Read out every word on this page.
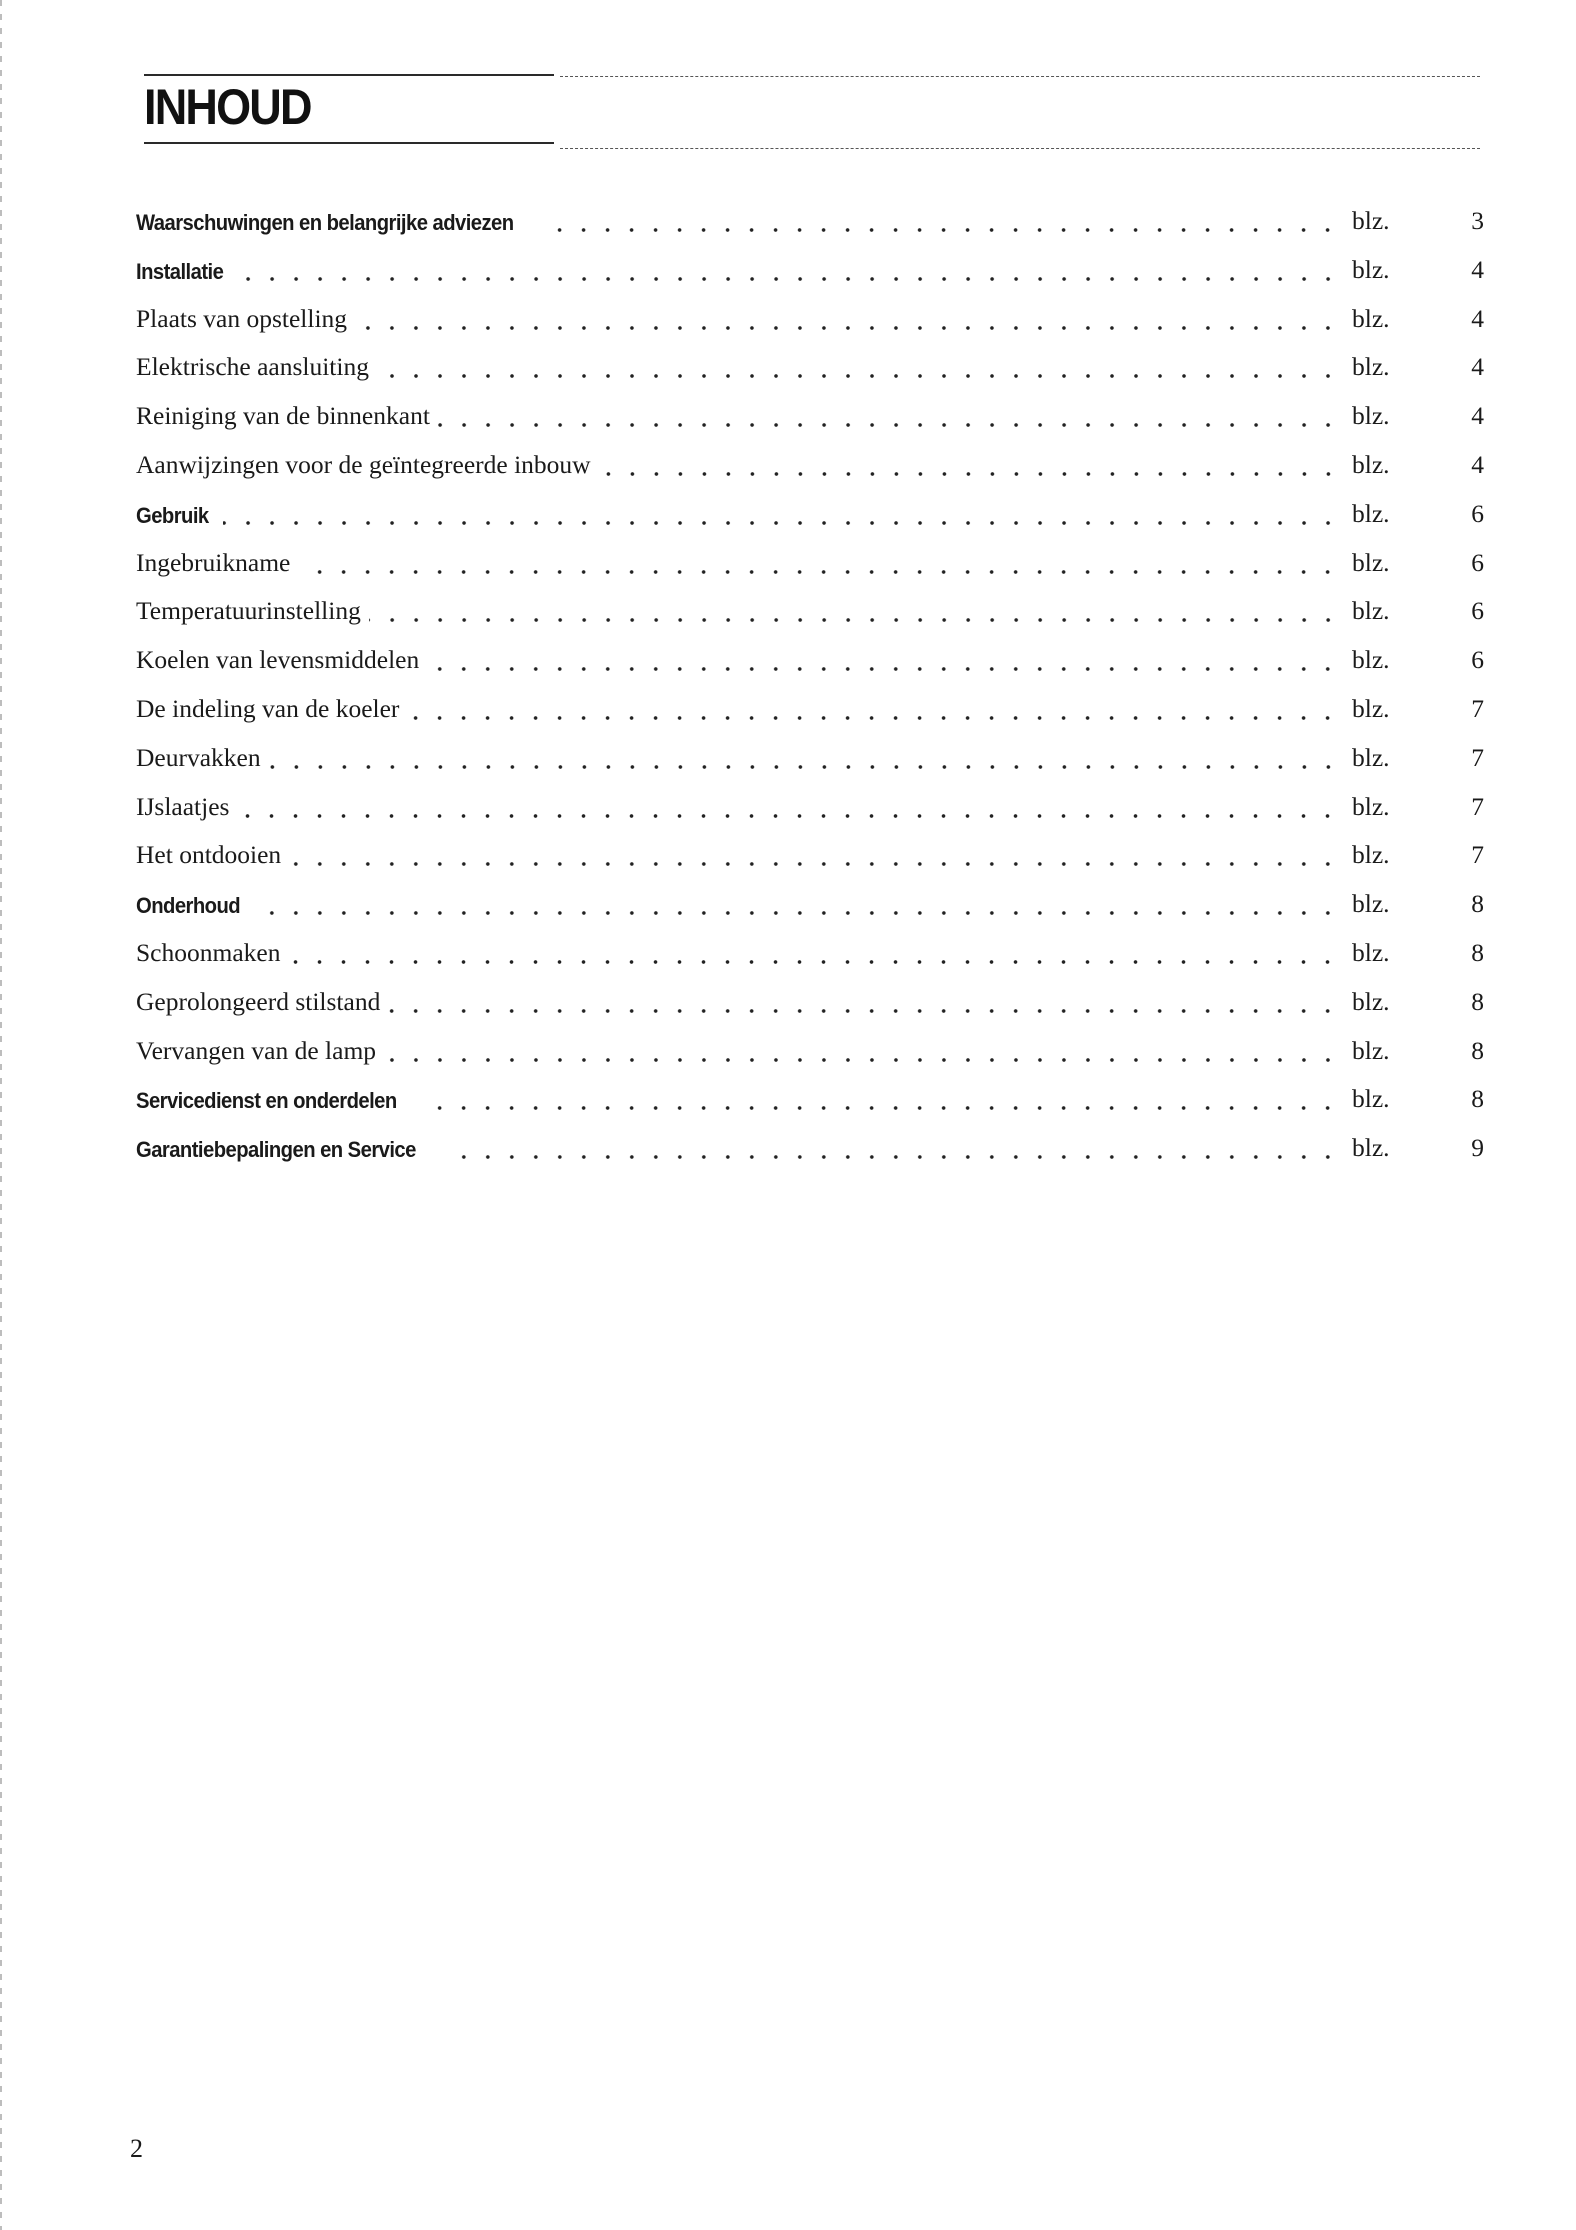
INHOUD
Waarschuwingen en belangrijke adviezen	blz.	3
Installatie	blz.	4
Plaats van opstelling	blz.	4
Elektrische aansluiting	blz.	4
Reiniging van de binnenkant	blz.	4
Aanwijzingen voor de geïntegreerde inbouw	blz.	4
Gebruik	blz.	6
Ingebruikname	blz.	6
Temperatuurinstelling	blz.	6
Koelen van levensmiddelen	blz.	6
De indeling van de koeler	blz.	7
Deurvakken	blz.	7
IJslaatjes	blz.	7
Het ontdooien	blz.	7
Onderhoud	blz.	8
Schoonmaken	blz.	8
Geprolongeerd stilstand	blz.	8
Vervangen van de lamp	blz.	8
Servicedienst en onderdelen	blz.	8
Garantiebepalingen en Service	blz.	9

2
